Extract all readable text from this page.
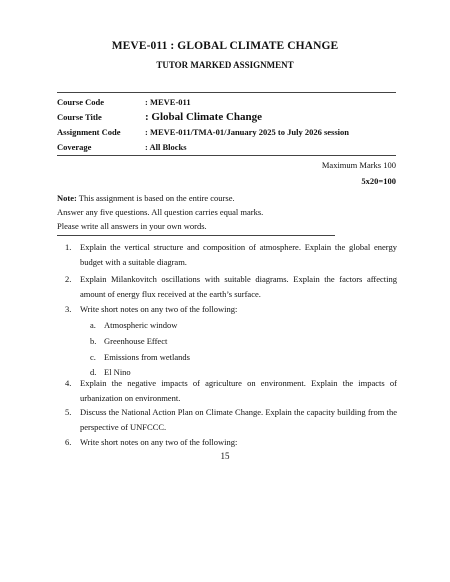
MEVE-011 : GLOBAL CLIMATE CHANGE
TUTOR MARKED ASSIGNMENT
Course Code	: MEVE-011
Course Title	: Global Climate Change
Assignment Code	: MEVE-011/TMA-01/January 2025 to July 2026 session
Coverage	: All Blocks
Maximum Marks 100
5x20=100
Note: This assignment is based on the entire course.
Answer any five questions. All question carries equal marks.
Please write all answers in your own words.
1.	Explain the vertical structure and composition of atmosphere. Explain the global energy budget with a suitable diagram.
2.	Explain Milankovitch oscillations with suitable diagrams. Explain the factors affecting amount of energy flux received at the earth’s surface.
3.	Write short notes on any two of the following:
a. Atmospheric window
b. Greenhouse Effect
c. Emissions from wetlands
d. El Nino
4.	Explain the negative impacts of agriculture on environment. Explain the impacts of urbanization on environment.
5.	Discuss the National Action Plan on Climate Change. Explain the capacity building from the perspective of UNFCCC.
6.	Write short notes on any two of the following:
15
